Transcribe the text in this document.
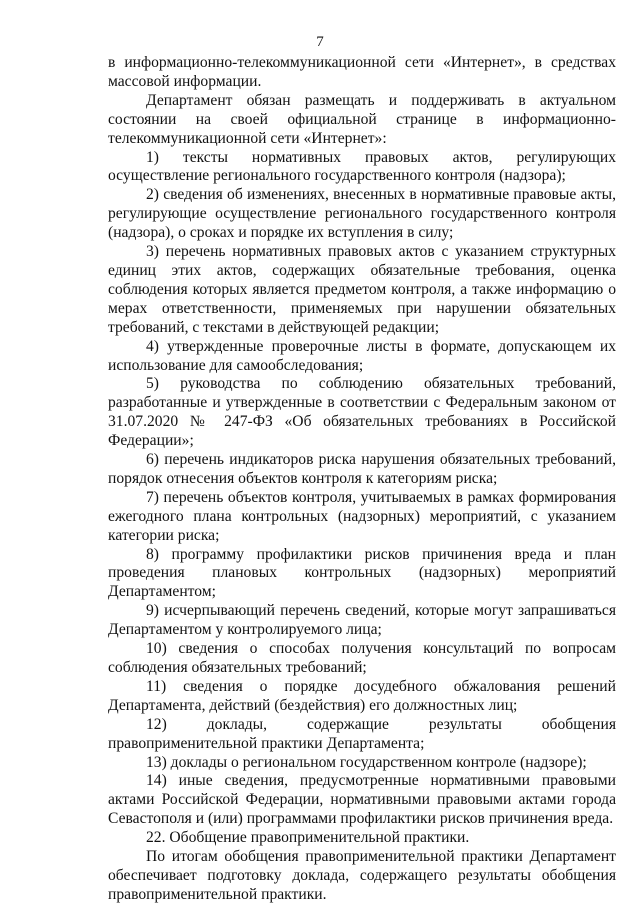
7

в информационно-телекоммуникационной сети «Интернет», в средствах массовой информации.

Департамент обязан размещать и поддерживать в актуальном состоянии на своей официальной странице в информационно-телекоммуникационной сети «Интернет»:

1) тексты нормативных правовых актов, регулирующих осуществление регионального государственного контроля (надзора);

2) сведения об изменениях, внесенных в нормативные правовые акты, регулирующие осуществление регионального государственного контроля (надзора), о сроках и порядке их вступления в силу;

3) перечень нормативных правовых актов с указанием структурных единиц этих актов, содержащих обязательные требования, оценка соблюдения которых является предметом контроля, а также информацию о мерах ответственности, применяемых при нарушении обязательных требований, с текстами в действующей редакции;

4) утвержденные проверочные листы в формате, допускающем их использование для самообследования;

5) руководства по соблюдению обязательных требований, разработанные и утвержденные в соответствии с Федеральным законом от 31.07.2020 № 247-ФЗ «Об обязательных требованиях в Российской Федерации»;

6) перечень индикаторов риска нарушения обязательных требований, порядок отнесения объектов контроля к категориям риска;

7) перечень объектов контроля, учитываемых в рамках формирования ежегодного плана контрольных (надзорных) мероприятий, с указанием категории риска;

8) программу профилактики рисков причинения вреда и план проведения плановых контрольных (надзорных) мероприятий Департаментом;

9) исчерпывающий перечень сведений, которые могут запрашиваться Департаментом у контролируемого лица;

10) сведения о способах получения консультаций по вопросам соблюдения обязательных требований;

11) сведения о порядке досудебного обжалования решений Департамента, действий (бездействия) его должностных лиц;

12) доклады, содержащие результаты обобщения правоприменительной практики Департамента;

13) доклады о региональном государственном контроле (надзоре);

14) иные сведения, предусмотренные нормативными правовыми актами Российской Федерации, нормативными правовыми актами города Севастополя и (или) программами профилактики рисков причинения вреда.

22. Обобщение правоприменительной практики.

По итогам обобщения правоприменительной практики Департамент обеспечивает подготовку доклада, содержащего результаты обобщения правоприменительной практики.
